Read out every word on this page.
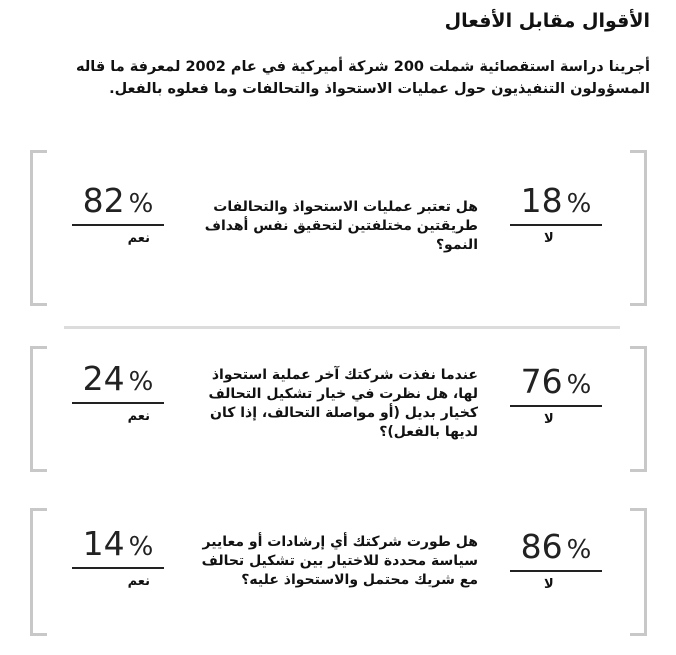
الأقوال مقابل الأفعال
أجرينا دراسة استقصائية شملت 200 شركة أميركية في عام 2002 لمعرفة ما قاله المسؤولون التنفيذيون حول عمليات الاستحواذ والتحالفات وما فعلوه بالفعل.
هل تعتبر عمليات الاستحواذ والتحالفات طريقتين مختلفتين لتحقيق نفس أهداف النمو؟
82 %
نعم
18 %
لا
عندما نفذت شركتك آخر عملية استحواذ لها، هل نظرت في خيار تشكيل التحالف كخيار بديل (أو مواصلة التحالف، إذا كان لديها بالفعل)؟
24 %
نعم
76 %
لا
هل طورت شركتك أي إرشادات أو معايير سياسة محددة للاختيار بين تشكيل تحالف مع شريك محتمل والاستحواذ عليه؟
14 %
نعم
86 %
لا
